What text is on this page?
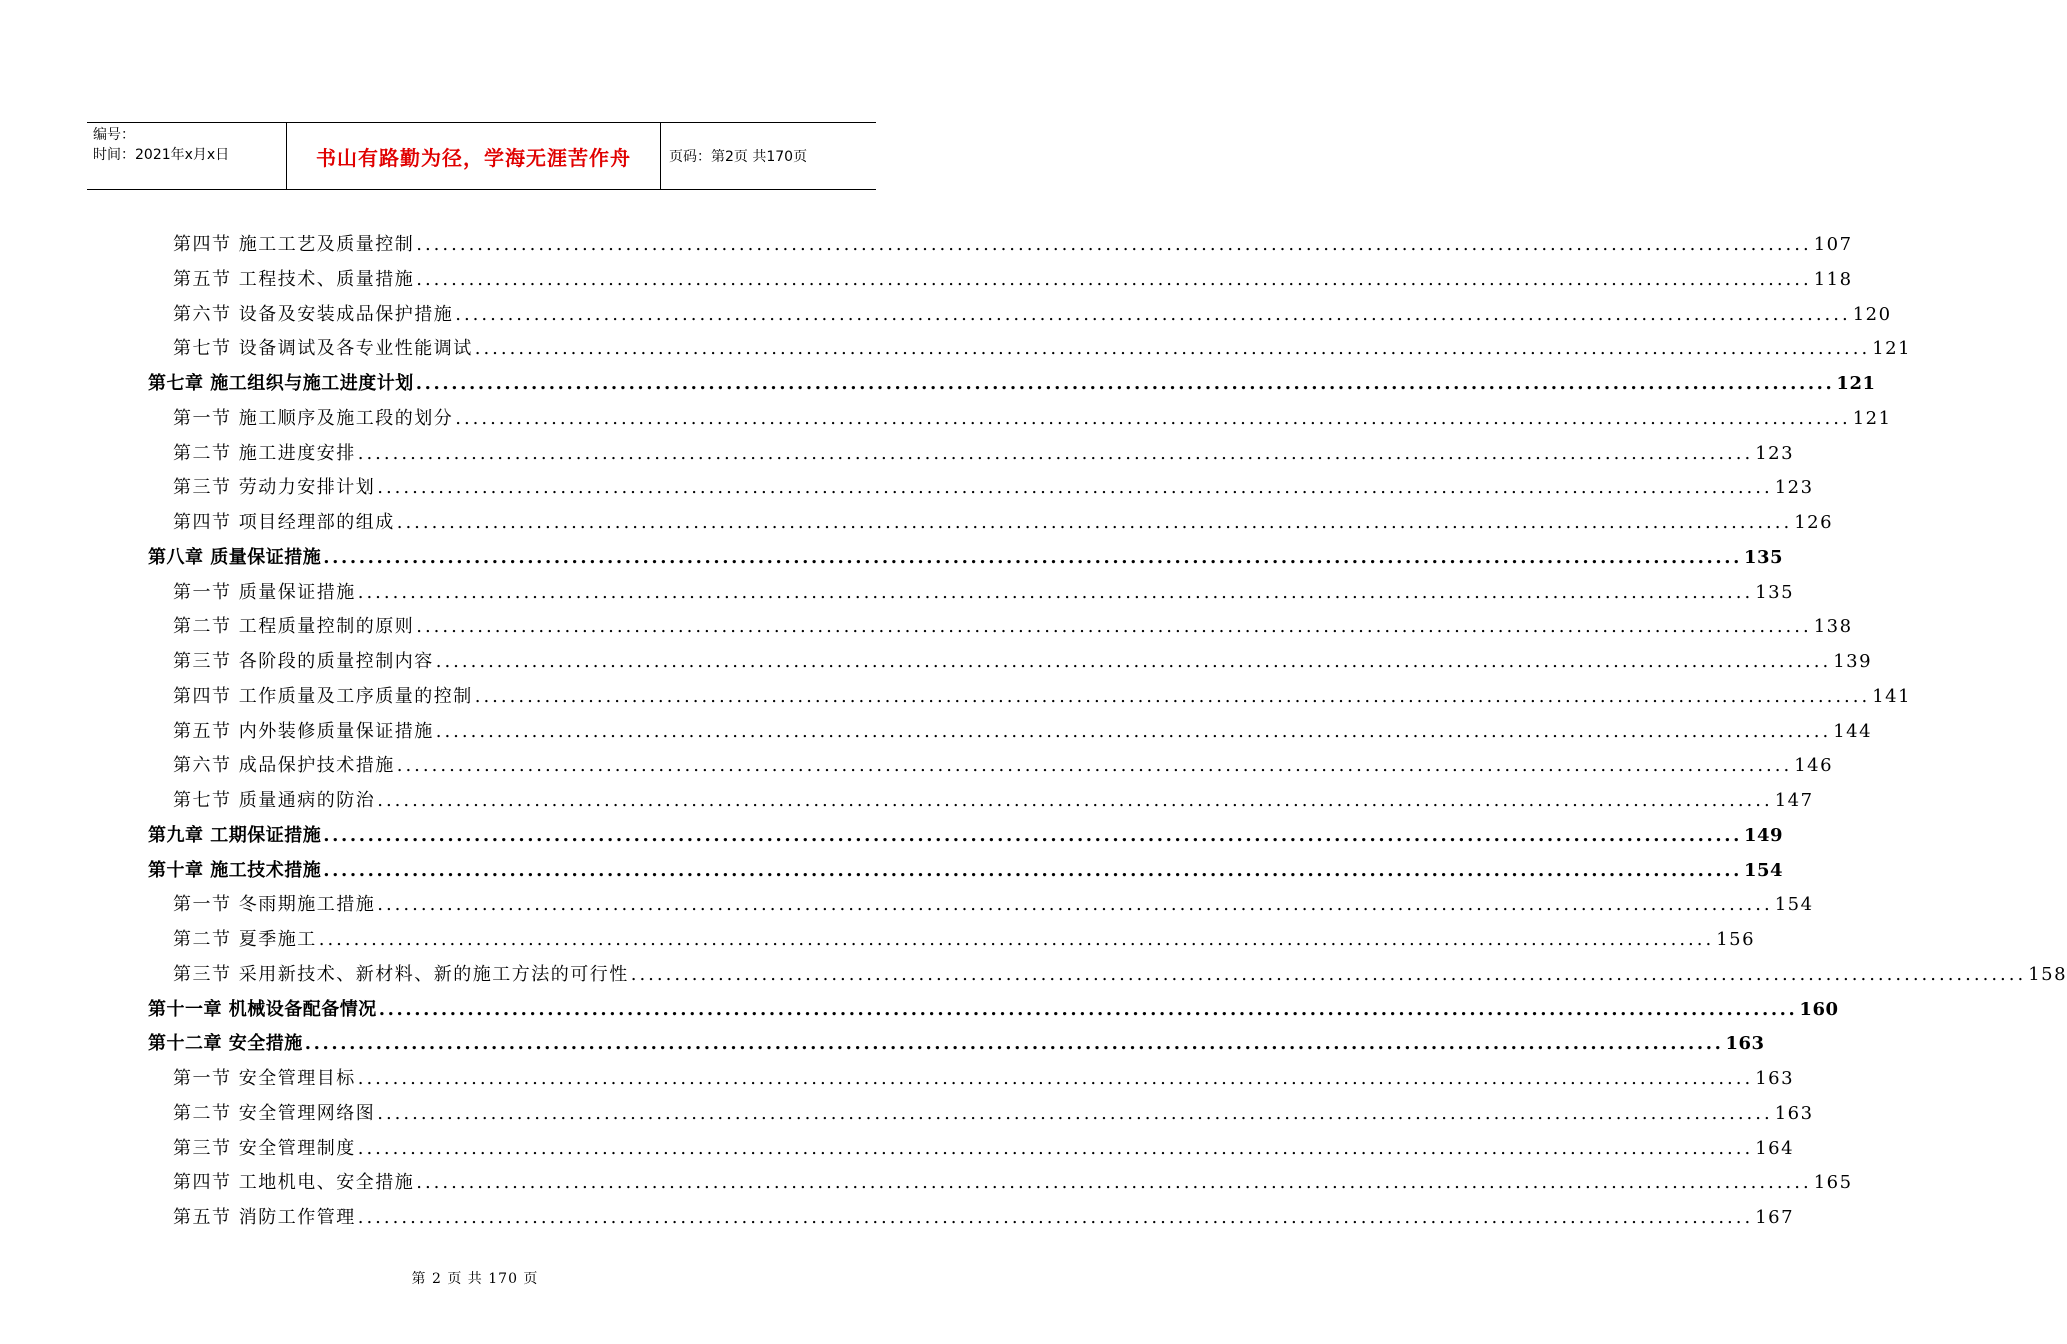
编号：
时间：2021年x月x日	书山有路勤为径，学海无涯苦作舟	页码：第2页 共170页
第四节 施工工艺及质量控制 ................................................................................................................................................................ 107
第五节 工程技术、质量措施 ................................................................................................................................................................ 118
第六节 设备及安装成品保护措施 ................................................................................................................................................................ 120
第七节 设备调试及各专业性能调试 ................................................................................................................................................................ 121
第七章 施工组织与施工进度计划 ................................................................................................................................................................ 121
第一节 施工顺序及施工段的划分 ................................................................................................................................................................ 121
第二节 施工进度安排 ................................................................................................................................................................ 123
第三节 劳动力安排计划 ................................................................................................................................................................ 123
第四节 项目经理部的组成 ................................................................................................................................................................ 126
第八章 质量保证措施 ................................................................................................................................................................ 135
第一节 质量保证措施 ................................................................................................................................................................ 135
第二节 工程质量控制的原则 ................................................................................................................................................................ 138
第三节 各阶段的质量控制内容 ................................................................................................................................................................ 139
第四节 工作质量及工序质量的控制 ................................................................................................................................................................ 141
第五节 内外装修质量保证措施 ................................................................................................................................................................ 144
第六节 成品保护技术措施 ................................................................................................................................................................ 146
第七节 质量通病的防治 ................................................................................................................................................................ 147
第九章 工期保证措施 ................................................................................................................................................................ 149
第十章 施工技术措施 ................................................................................................................................................................ 154
第一节 冬雨期施工措施 ................................................................................................................................................................ 154
第二节 夏季施工 ................................................................................................................................................................ 156
第三节 采用新技术、新材料、新的施工方法的可行性 ................................................................................................................................................................ 158
第十一章 机械设备配备情况 ................................................................................................................................................................ 160
第十二章 安全措施 ................................................................................................................................................................ 163
第一节 安全管理目标 ................................................................................................................................................................ 163
第二节 安全管理网络图 ................................................................................................................................................................ 163
第三节 安全管理制度 ................................................................................................................................................................ 164
第四节 工地机电、安全措施 ................................................................................................................................................................ 165
第五节 消防工作管理 ................................................................................................................................................................ 167
第 2 页 共 170 页
